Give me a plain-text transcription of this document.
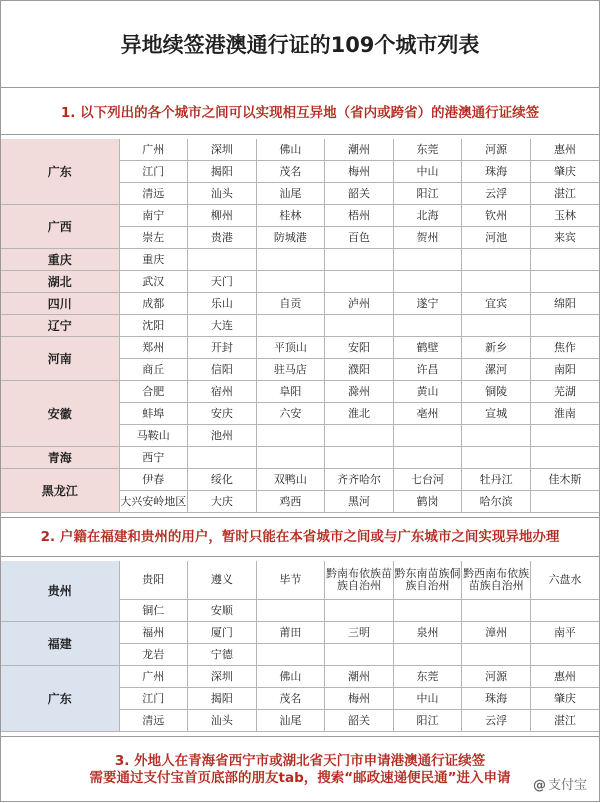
异地续签港澳通行证的109个城市列表
1. 以下列出的各个城市之间可以实现相互异地（省内或跨省）的港澳通行证续签
广东	广州	深圳	佛山	潮州	东莞	河源	惠州
	江门	揭阳	茂名	梅州	中山	珠海	肇庆
	清远	汕头	汕尾	韶关	阳江	云浮	湛江
广西	南宁	柳州	桂林	梧州	北海	钦州	玉林
	崇左	贵港	防城港	百色	贺州	河池	来宾
重庆	重庆						
湖北	武汉	天门					
四川	成都	乐山	自贡	泸州	遂宁	宜宾	绵阳
辽宁	沈阳	大连					
河南	郑州	开封	平顶山	安阳	鹤壁	新乡	焦作
	商丘	信阳	驻马店	濮阳	许昌	漯河	南阳
安徽	合肥	宿州	阜阳	滁州	黄山	铜陵	芜湖
	蚌埠	安庆	六安	淮北	亳州	宣城	淮南
	马鞍山	池州					
青海	西宁						
黑龙江	伊春	绥化	双鸭山	齐齐哈尔	七台河	牡丹江	佳木斯
	大兴安岭地区	大庆	鸡西	黑河	鹤岗	哈尔滨	
2. 户籍在福建和贵州的用户，暂时只能在本省城市之间或与广东城市之间实现异地办理
贵州	贵阳	遵义	毕节	黔南布依族苗族自治州	黔东南苗族侗族自治州	黔西南布依族苗族自治州	六盘水
	铜仁	安顺					
福建	福州	厦门	莆田	三明	泉州	漳州	南平
	龙岩	宁德					
广东	广州	深圳	佛山	潮州	东莞	河源	惠州
	江门	揭阳	茂名	梅州	中山	珠海	肇庆
	清远	汕头	汕尾	韶关	阳江	云浮	湛江
3. 外地人在青海省西宁市或湖北省天门市申请港澳通行证续签
需要通过支付宝首页底部的朋友tab，搜索“邮政速递便民通”进入申请 @ 支付宝
